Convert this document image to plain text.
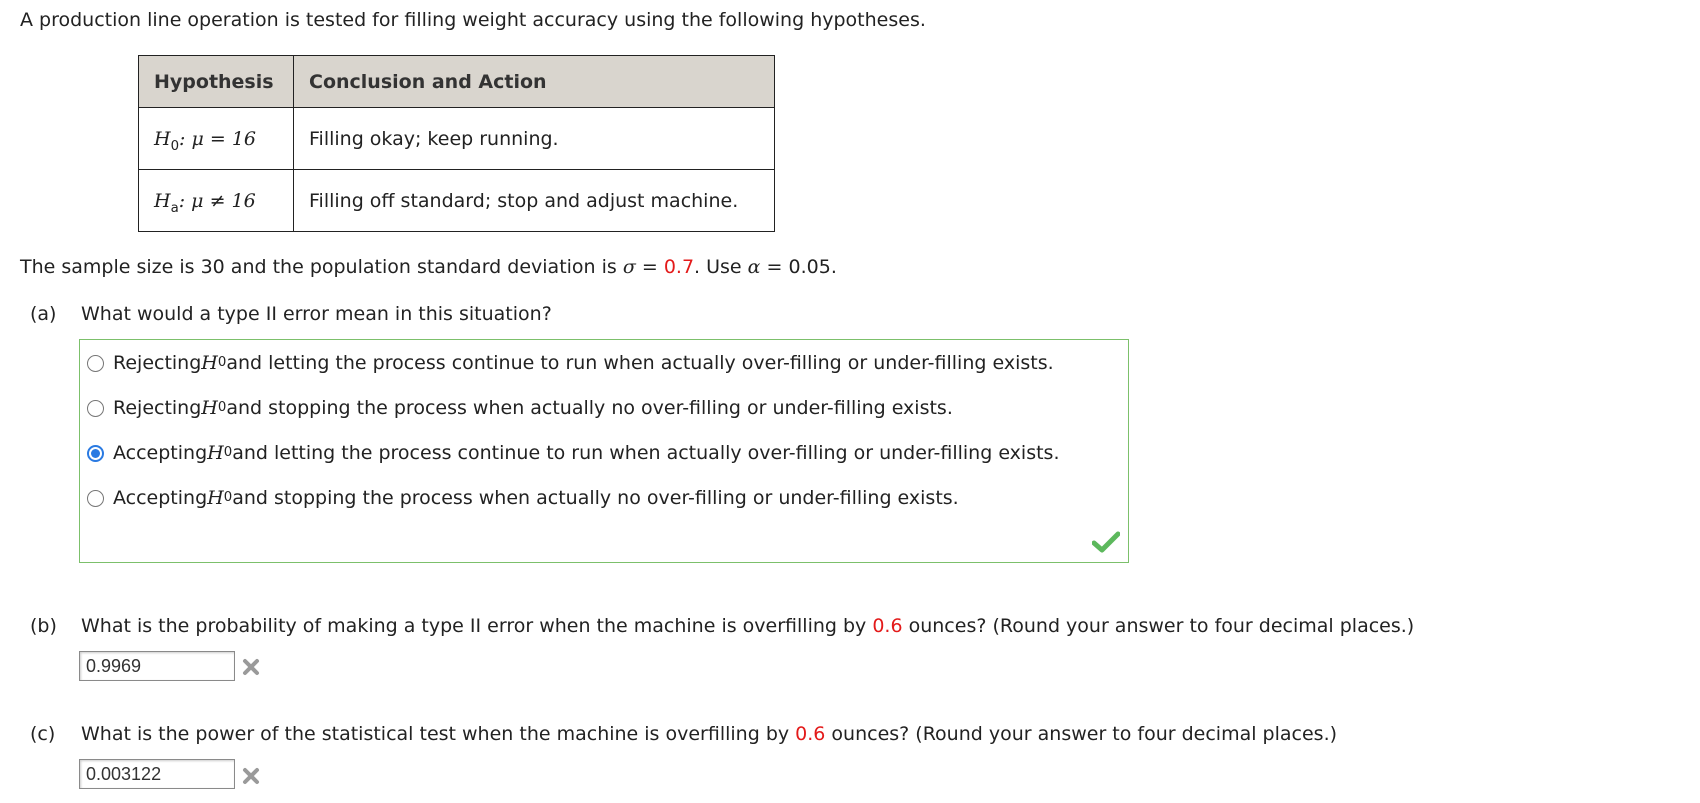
A production line operation is tested for filling weight accuracy using the following hypotheses.
Hypothesis	Conclusion and Action
$H_0$: μ = 16	Filling okay; keep running.
$H_a$: μ ≠ 16	Filling off standard; stop and adjust machine.
The sample size is 30 and the population standard deviation is σ = 0.7. Use α = 0.05.
(a) What would a type II error mean in this situation?
Rejecting H 0 and letting the process continue to run when actually over-filling or under-filling exists.
Rejecting H 0 and stopping the process when actually no over-filling or under-filling exists.
Accepting H 0 and letting the process continue to run when actually over-filling or under-filling exists.
Accepting H 0 and stopping the process when actually no over-filling or under-filling exists.
(b) What is the probability of making a type II error when the machine is overfilling by 0.6 ounces? (Round your answer to four decimal places.)
0.9969
(c) What is the power of the statistical test when the machine is overfilling by 0.6 ounces? (Round your answer to four decimal places.)
0.003122
